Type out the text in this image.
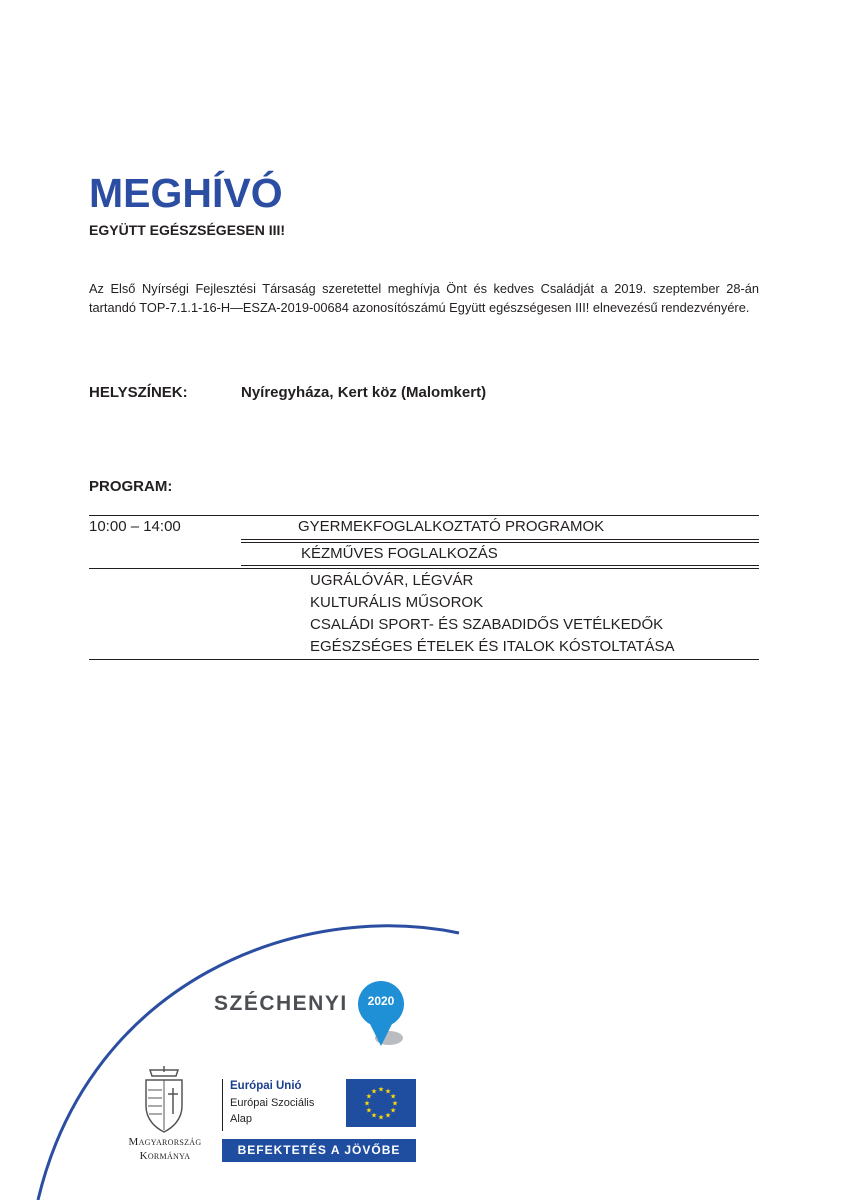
MEGHÍVÓ
EGYÜTT EGÉSZSÉGESEN III!
Az Első Nyírségi Fejlesztési Társaság szeretettel meghívja Önt és kedves Családját a 2019. szeptember 28-án tartandó TOP-7.1.1-16-H—ESZA-2019-00684 azonosítószámú Együtt egészségesen III! elnevezésű rendezvényére.
HELYSZÍNEK:	Nyíregyháza, Kert köz (Malomkert)
PROGRAM:
10:00 – 14:00	GYERMEKFOGLALKOZTATÓ PROGRAMOK
KÉZMŰVES FOGLALKOZÁS
UGRÁLÓVÁR, LÉGVÁR
KULTURÁLIS MŰSOROK
CSALÁDI SPORT- ÉS SZABADIDŐS VETÉLKEDŐK
EGÉSZSÉGES ÉTELEK ÉS ITALOK KÓSTOLTATÁSA
SZÉCHENYI	2020
Magyarország
Kormánya
Európai Unió
Európai Szociális
Alap
★
★
★
★
★
★
★
★
★ ★ ★
★
BEFEKTETÉS A JÖVŐBE
